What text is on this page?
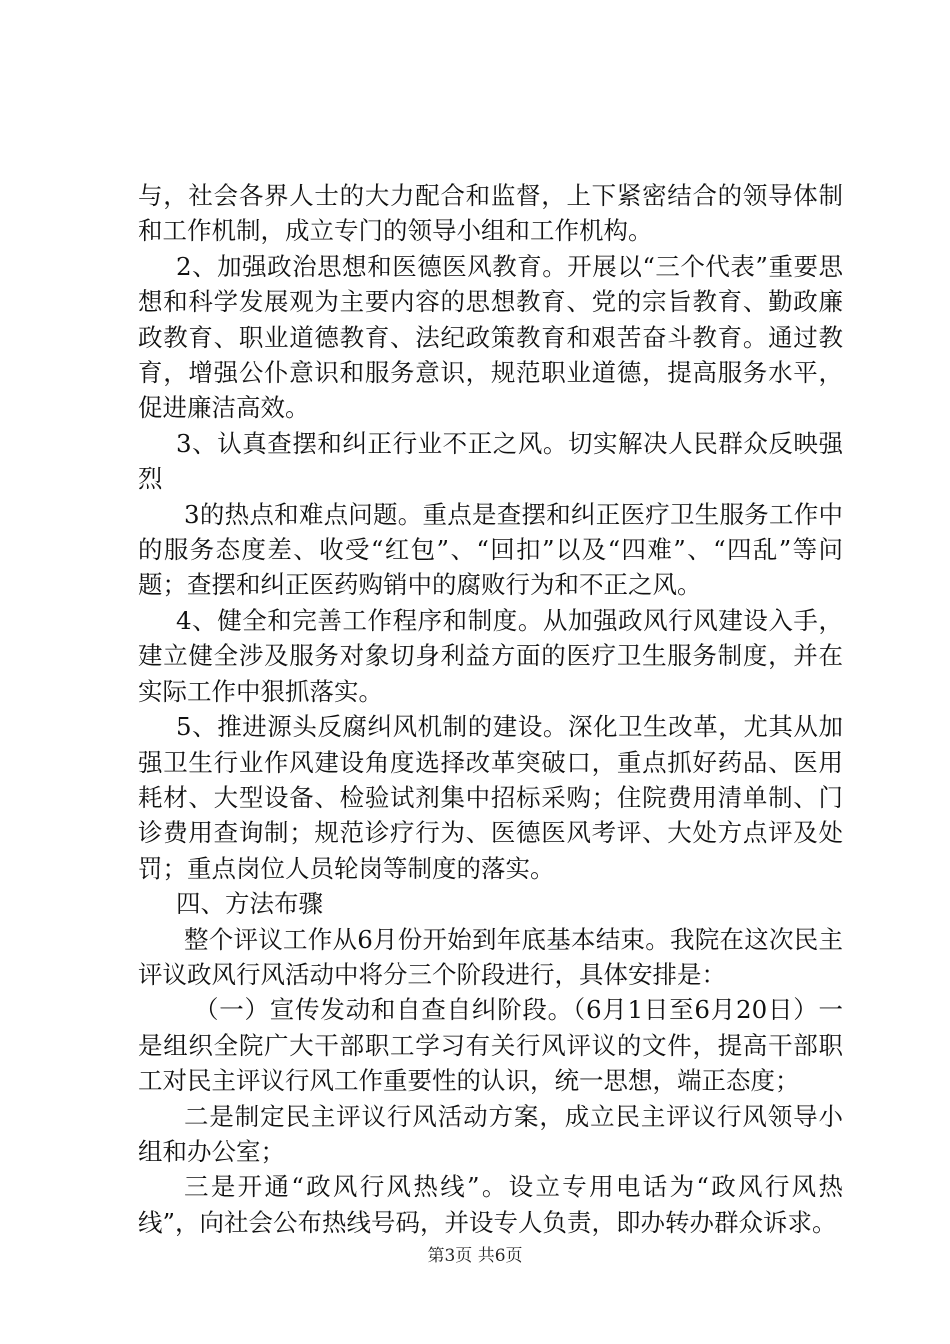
与，社会各界人士的大力配合和监督，上下紧密结合的领导体制和工作机制，成立专门的领导小组和工作机构。

2、加强政治思想和医德医风教育。开展以“三个代表”重要思想和科学发展观为主要内容的思想教育、党的宗旨教育、勤政廉政教育、职业道德教育、法纪政策教育和艰苦奋斗教育。通过教育，增强公仆意识和服务意识，规范职业道德，提高服务水平，促进廉洁高效。

3、认真查摆和纠正行业不正之风。切实解决人民群众反映强烈

3的热点和难点问题。重点是查摆和纠正医疗卫生服务工作中的服务态度差、收受“红包”、“回扣”以及“四难”、“四乱”等问题；查摆和纠正医药购销中的腐败行为和不正之风。

4、健全和完善工作程序和制度。从加强政风行风建设入手，建立健全涉及服务对象切身利益方面的医疗卫生服务制度，并在实际工作中狠抓落实。

5、推进源头反腐纠风机制的建设。深化卫生改革，尤其从加强卫生行业作风建设角度选择改革突破口，重点抓好药品、医用耗材、大型设备、检验试剂集中招标采购；住院费用清单制、门诊费用查询制；规范诊疗行为、医德医风考评、大处方点评及处罚；重点岗位人员轮岗等制度的落实。

四、方法布骤

整个评议工作从6月份开始到年底基本结束。我院在这次民主评议政风行风活动中将分三个阶段进行，具体安排是：

（一）宣传发动和自查自纠阶段。（6月1日至6月20日）一是组织全院广大干部职工学习有关行风评议的文件，提高干部职工对民主评议行风工作重要性的认识，统一思想，端正态度；

二是制定民主评议行风活动方案，成立民主评议行风领导小组和办公室；

三是开通“政风行风热线”。设立专用电话为“政风行风热线”，向社会公布热线号码，并设专人负责，即办转办群众诉求。

第3页 共6页
